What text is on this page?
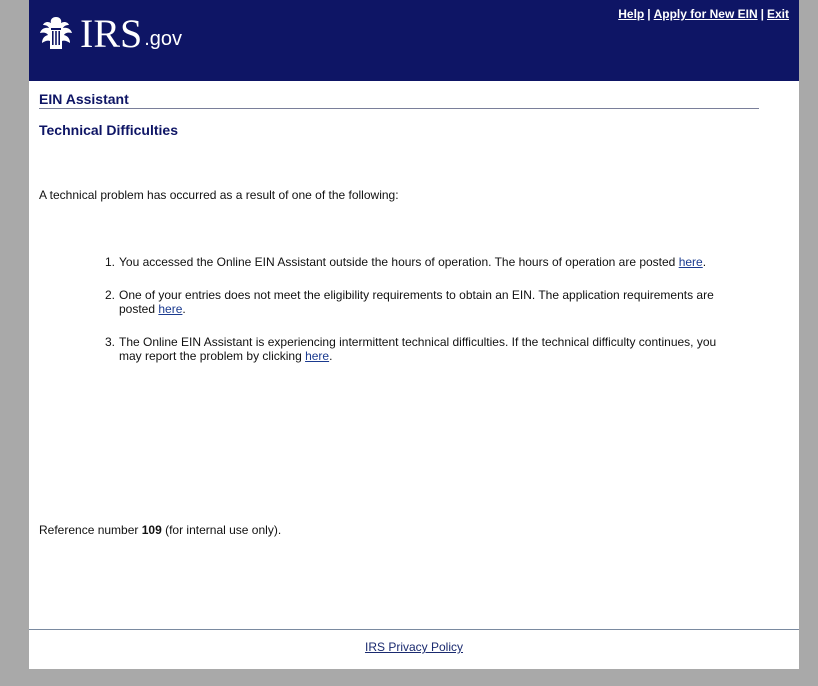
IRS .gov
Help | Apply for New EIN | Exit
EIN Assistant
Technical Difficulties
A technical problem has occurred as a result of one of the following:
1. You accessed the Online EIN Assistant outside the hours of operation. The hours of operation are posted here.
2. One of your entries does not meet the eligibility requirements to obtain an EIN. The application requirements are posted here.
3. The Online EIN Assistant is experiencing intermittent technical difficulties. If the technical difficulty continues, you may report the problem by clicking here.
Reference number 109 (for internal use only).
IRS Privacy Policy
